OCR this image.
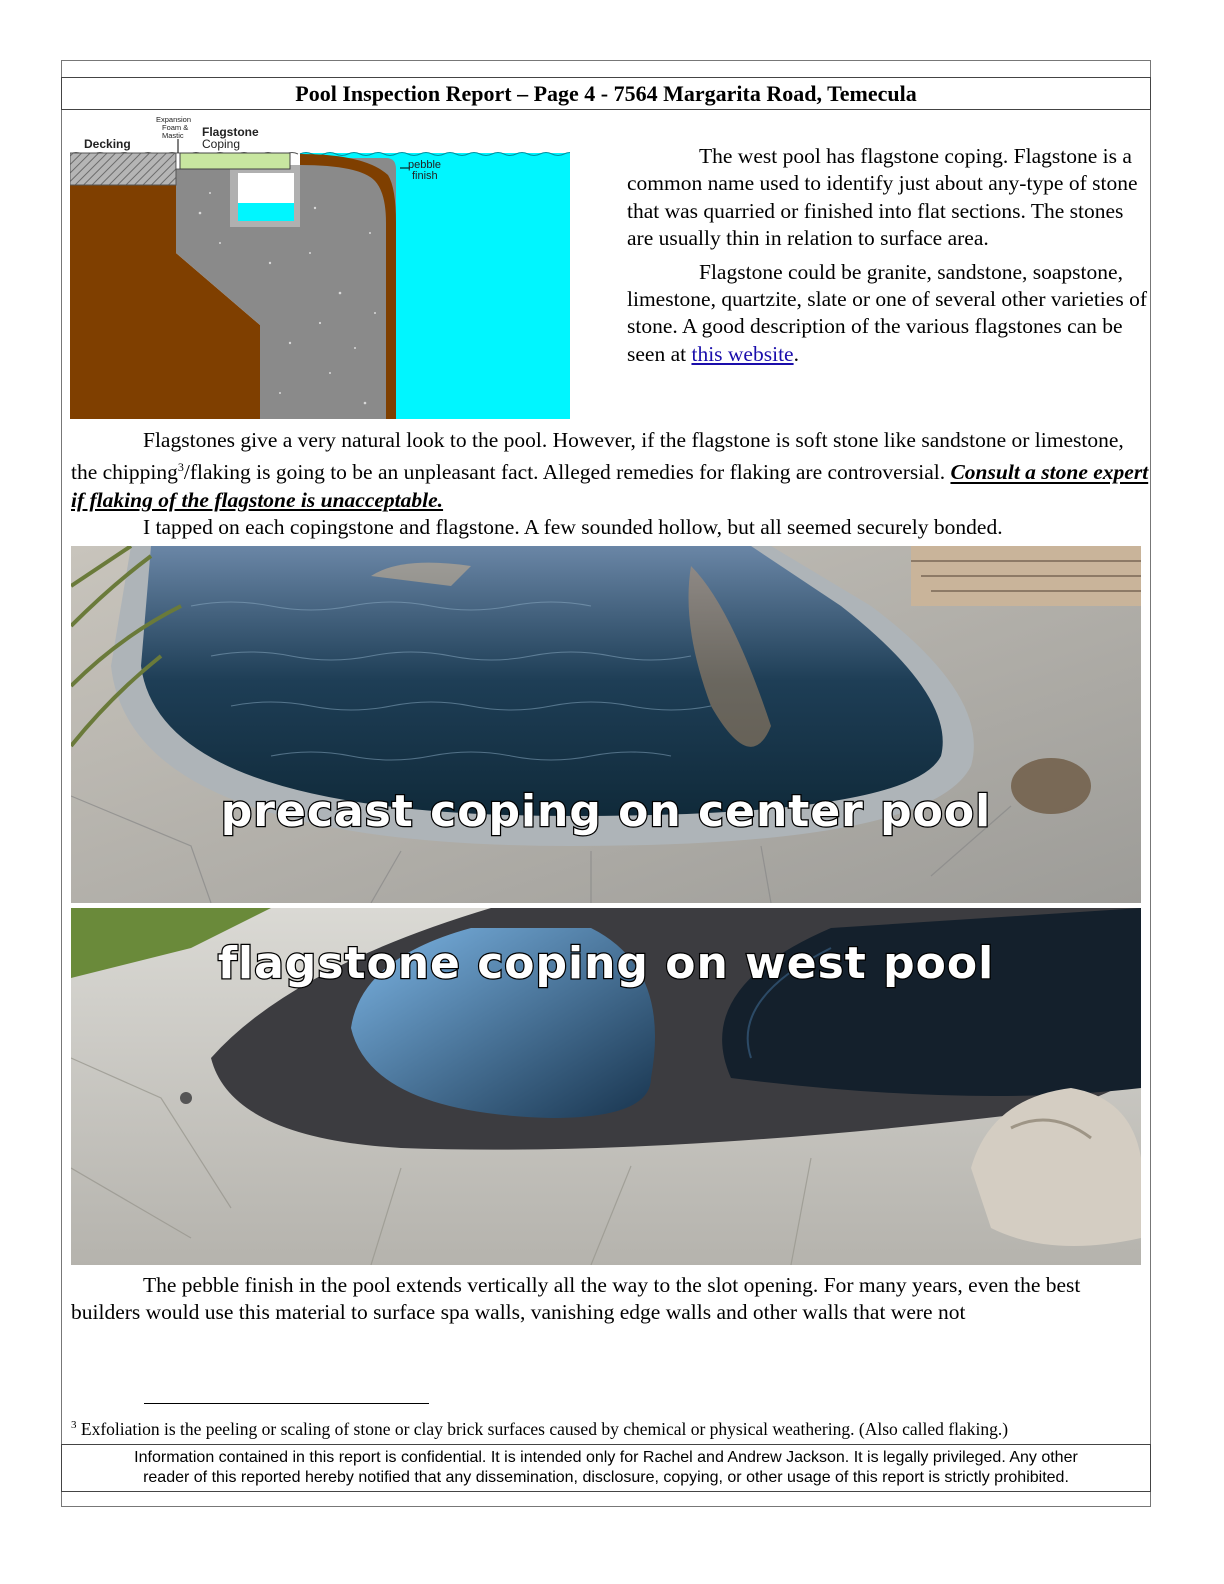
Pool Inspection Report – Page 4 - 7564 Margarita Road, Temecula
Decking
Expansion
Foam &
Mastic Flagstone
Coping
pebble
finish

The west pool has flagstone coping. Flagstone is a common name used to identify just about any-type of stone that was quarried or finished into flat sections. The stones are usually thin in relation to surface area.

Flagstone could be granite, sandstone, soapstone, limestone, quartzite, slate or one of several other varieties of stone. A good description of the various flagstones can be seen at this website.

Flagstones give a very natural look to the pool. However, if the flagstone is soft stone like sandstone or limestone, the chipping$^3$/flaking is going to be an unpleasant fact. Alleged remedies for flaking are controversial. Consult a stone expert if flaking of the flagstone is unacceptable.

I tapped on each copingstone and flagstone. A few sounded hollow, but all seemed securely bonded.

precast coping on center pool
flagstone coping on west pool

The pebble finish in the pool extends vertically all the way to the slot opening. For many years, even the best builders would use this material to surface spa walls, vanishing edge walls and other walls that were not

$^3$ Exfoliation is the peeling or scaling of stone or clay brick surfaces caused by chemical or physical weathering. (Also called flaking.)
Information contained in this report is confidential. It is intended only for Rachel and Andrew Jackson. It is legally privileged. Any other
reader of this reported hereby notified that any dissemination, disclosure, copying, or other usage of this report is strictly prohibited.
